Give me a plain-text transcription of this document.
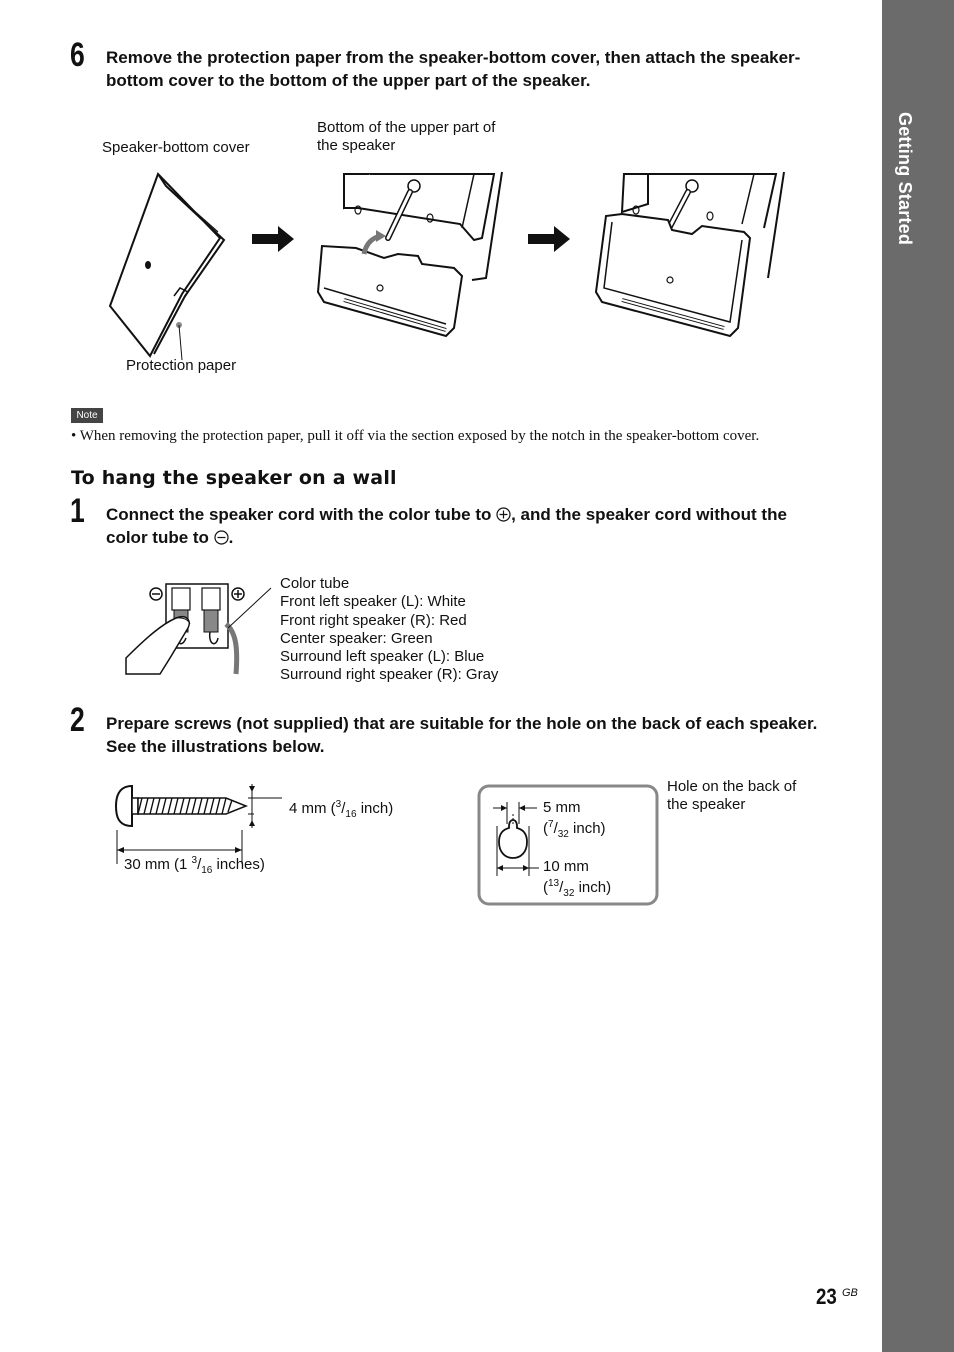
Getting Started
6 Remove the protection paper from the speaker-bottom cover, then attach the speaker-
bottom cover to the bottom of the upper part of the speaker.
Bottom of the upper part of
the speaker
Speaker-bottom cover
Protection paper
Note
• When removing the protection paper, pull it off via the section exposed by the notch in the speaker-bottom cover.
To hang the speaker on a wall
1 Connect the speaker cord with the color tube to , and the speaker cord without the
color tube to .
Color tube
Front left speaker (L): White
Front right speaker (R): Red
Center speaker: Green
Surround left speaker (L): Blue
Surround right speaker (R): Gray
2 Prepare screws (not supplied) that are suitable for the hole on the back of each speaker.
See the illustrations below.
4 mm ($^3/_{16}$ inch)
30 mm (1 $^3/_{16}$ inches)
5 mm
($^7/_{32}$ inch)
10 mm
($^{13}/_{32}$ inch)
Hole on the back of
the speaker
23 GB
